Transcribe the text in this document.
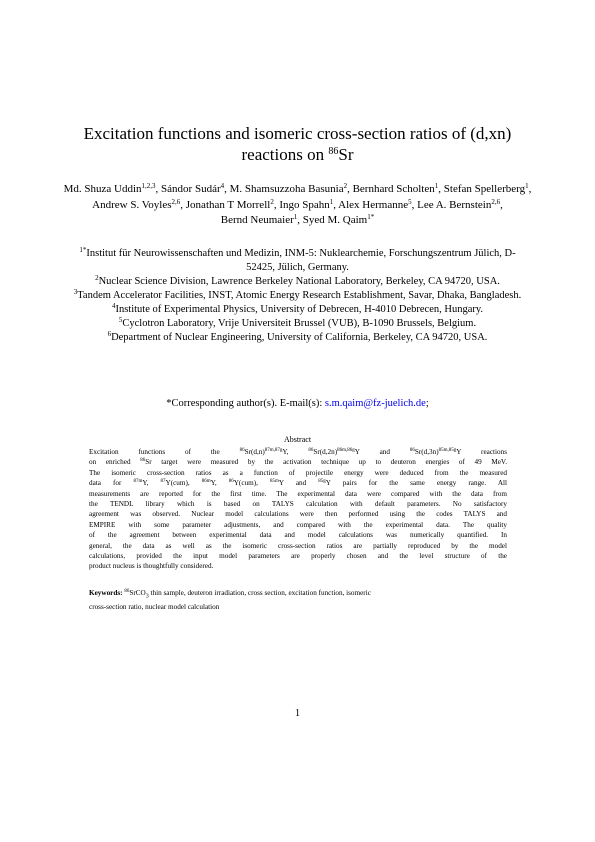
Excitation functions and isomeric cross-section ratios of (d,xn)
reactions on $^{86}$Sr
Md. Shuza Uddin$^{1,2,3}$, Sándor Sudár$^4$, M. Shamsuzzoha Basunia$^2$, Bernhard Scholten$^1$, Stefan Spellerberg$^1$, Andrew S. Voyles$^{2,6}$, Jonathan T Morrell$^2$, Ingo Spahn$^1$, Alex Hermanne$^5$, Lee A. Bernstein$^{2,6}$, Bernd Neumaier$^1$, Syed M. Qaim$^{1*}$
$^{1*}$Institut für Neurowissenschaften und Medizin, INM-5: Nuklearchemie, Forschungszentrum Jülich, D-52425, Jülich, Germany.
$^2$Nuclear Science Division, Lawrence Berkeley National Laboratory, Berkeley, CA 94720, USA.
$^3$Tandem Accelerator Facilities, INST, Atomic Energy Research Establishment, Savar, Dhaka, Bangladesh.
$^4$Institute of Experimental Physics, University of Debrecen, H-4010 Debrecen, Hungary.
$^5$Cyclotron Laboratory, Vrije Universiteit Brussel (VUB), B-1090 Brussels, Belgium.
$^6$Department of Nuclear Engineering, University of California, Berkeley, CA 94720, USA.
*Corresponding author(s). E-mail(s): s.m.qaim@fz-juelich.de;
Abstract
Excitation functions of the $^{86}Sr(d,n)^{87m,87g}Y$, $^{86}Sr(d,2n)^{86m,86g}Y$ and $^{86}Sr(d,3n)^{85m,85g}Y$ reactions
on enriched $^{86}$Sr target were measured by the activation technique up to deuteron energies of 49 MeV.
The isomeric cross-section ratios as a function of projectile energy were deduced from the measured
data for $^{87m}$Y, $^{87}$Y(cum), $^{86m}$Y, $^{86}$Y(cum), $^{85m}$Y and $^{85g}$Y pairs for the same energy range. All
measurements are reported for the first time. The experimental data were compared with the data from
the TENDL library which is based on TALYS calculation with default parameters. No satisfactory
agreement was observed. Nuclear model calculations were then performed using the codes TALYS and
EMPIRE with some parameter adjustments, and compared with the experimental data. The quality
of the agreement between experimental data and model calculations was numerically quantified. In
general, the data as well as the isomeric cross-section ratios are partially reproduced by the model
calculations, provided the input model parameters are properly chosen and the level structure of the
product nucleus is thoughtfully considered.
Keywords: $^{86}$SrCO$_3$ thin sample, deuteron irradiation, cross section, excitation function, isomeric
cross-section ratio, nuclear model calculation
1
